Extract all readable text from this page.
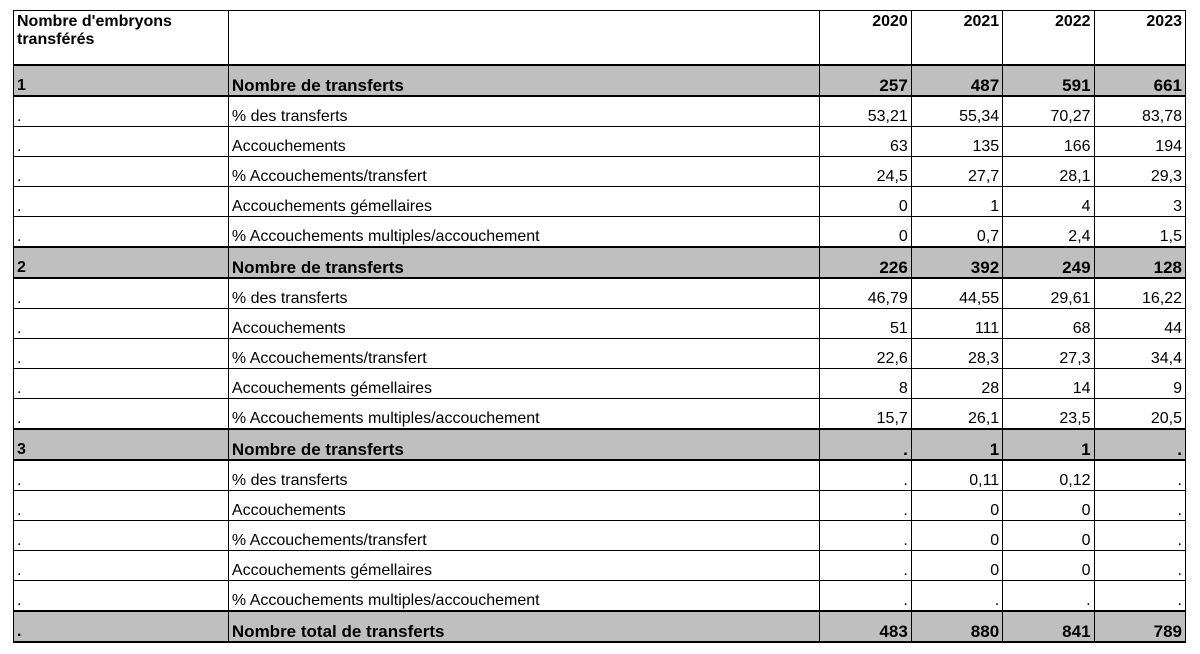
Nombre d'embryons transférés		2020	2021	2022	2023
1	Nombre de transferts	257	487	591	661
.	% des transferts	53,21	55,34	70,27	83,78
.	Accouchements	63	135	166	194
.	% Accouchements/transfert	24,5	27,7	28,1	29,3
.	Accouchements gémellaires	0	1	4	3
.	% Accouchements multiples/accouchement	0	0,7	2,4	1,5
2	Nombre de transferts	226	392	249	128
.	% des transferts	46,79	44,55	29,61	16,22
.	Accouchements	51	111	68	44
.	% Accouchements/transfert	22,6	28,3	27,3	34,4
.	Accouchements gémellaires	8	28	14	9
.	% Accouchements multiples/accouchement	15,7	26,1	23,5	20,5
3	Nombre de transferts	.	1	1	.
.	% des transferts	.	0,11	0,12	.
.	Accouchements	.	0	0	.
.	% Accouchements/transfert	.	0	0	.
.	Accouchements gémellaires	.	0	0	.
.	% Accouchements multiples/accouchement	.	.	.	.
.	Nombre total de transferts	483	880	841	789
